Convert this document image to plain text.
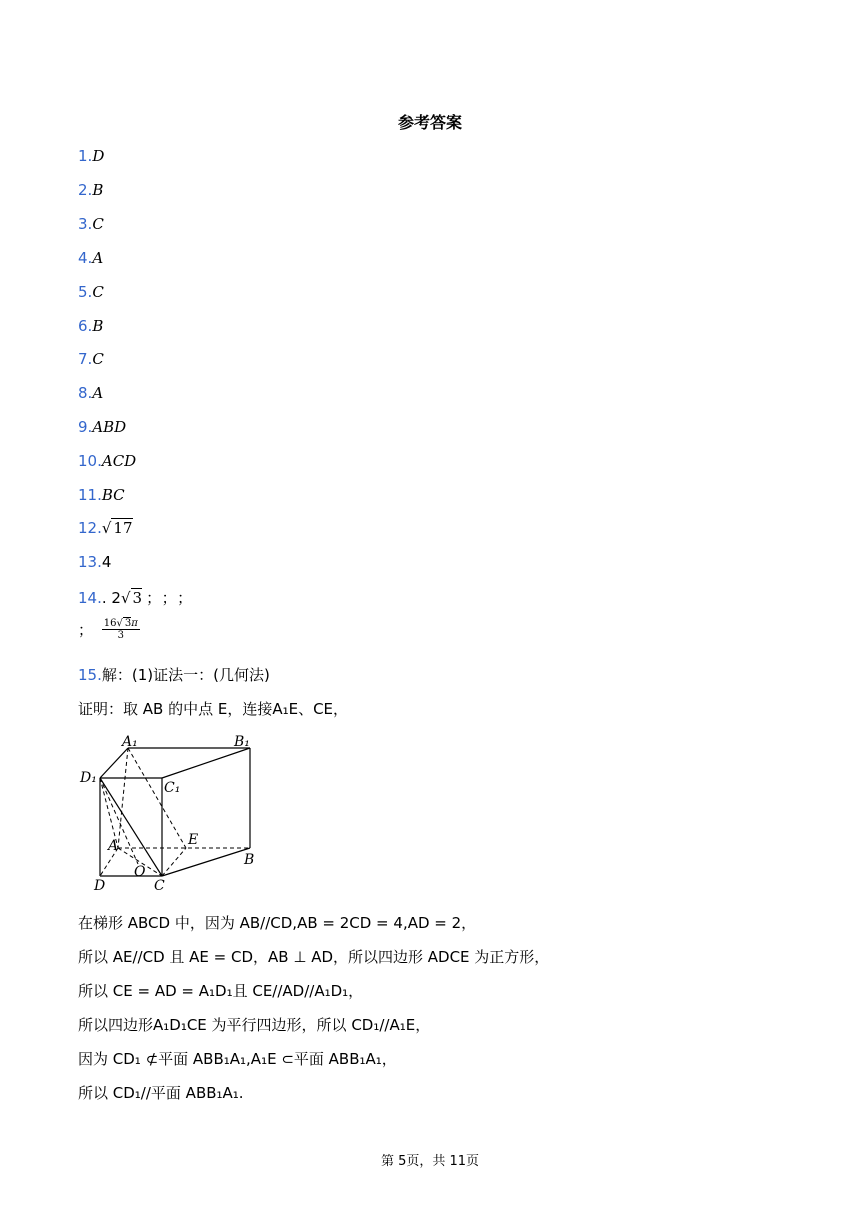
参考答案
1.D
2.B
3.C
4.A
5.C
6.B
7.C
8.A
9.ABD
10.ACD
11.BC
12.√ 17
13.4
14.. 2√ 3 ；；；
； $\frac{16√ 3\pi}{3}$
15.解：(1)证法一：(几何法)
证明：取 AB 的中点 E，连接A₁E、CE，
A₁	B₁
C₁
D₁
A
B
C
D
E
O
在梯形 ABCD 中，因为 AB//CD,AB = 2CD = 4,AD = 2，
所以 AE//CD 且 AE = CD，AB ⊥ AD，所以四边形 ADCE 为正方形，
所以 CE = AD = A₁D₁且 CE//AD//A₁D₁，
所以四边形A₁D₁CE 为平行四边形，所以 CD₁//A₁E，
因为 CD₁ ⊄平面 ABB₁A₁,A₁E ⊂平面 ABB₁A₁，
所以 CD₁//平面 ABB₁A₁.
第 5页，共 11页
